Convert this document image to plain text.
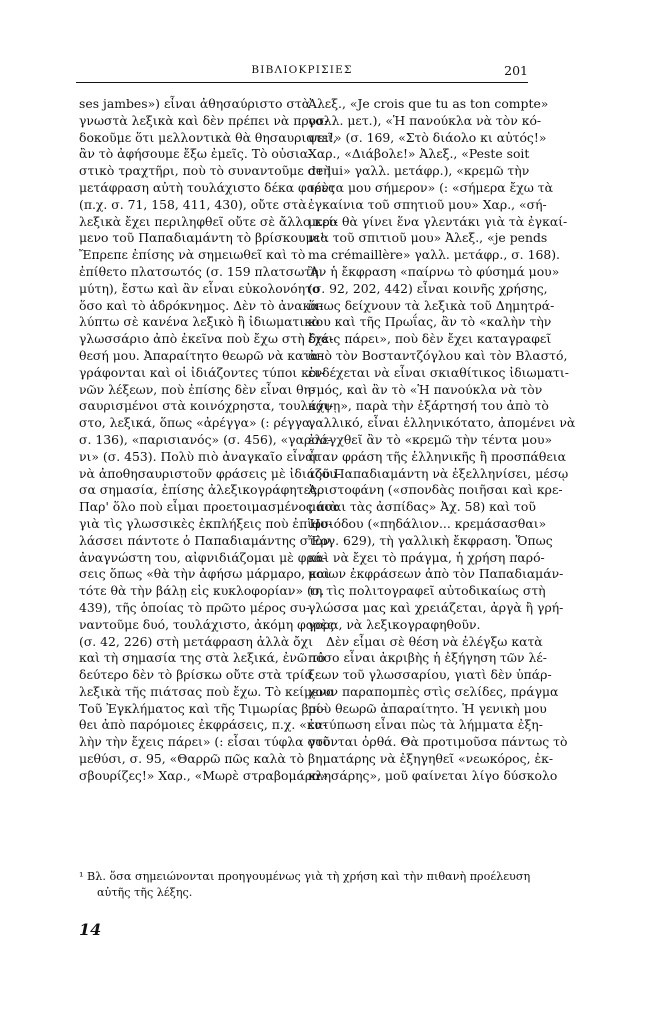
ΒΙΒΛΙΟΚΡΙΣΙΕΣ	201
ses jambes») εἶναι ἀθησαύριστο στὰ
γνωστὰ λεξικὰ καὶ δὲν πρέπει νὰ προσ-
δοκοῦμε ὅτι μελλοντικὰ θὰ θησαυριστεῖ,
ἂν τὸ ἀφήσουμε ἔξω ἐμεῖς. Τὸ οὐσια-
στικὸ τραχτῆρι, ποὺ τὸ συναντοῦμε στὴ
μετάφραση αὐτὴ τουλάχιστο δέκα φορὲς
(π.χ. σ. 71, 158, 411, 430), οὔτε στὰ
λεξικὰ ἔχει περιληφθεῖ οὔτε σὲ ἄλλο κεί-
μενο τοῦ Παπαδιαμάντη τὸ βρίσκουμε¹.
Ἔπρεπε ἐπίσης νὰ σημειωθεῖ καὶ τὸ
ἐπίθετο πλατσωτός (σ. 159 πλατσωτὴ
μύτη), ἔστω καὶ ἂν εἶναι εὐκολονόητο
ὅσο καὶ τὸ ἀδρόκνημος. Δὲν τὸ ἀνακα-
λύπτω σὲ κανένα λεξικὸ ἢ ἰδιωματικὸ
γλωσσάριο ἀπὸ ἐκεῖνα ποὺ ἔχω στὴ διά-
θεσή μου. Ἀπαραίτητο θεωρῶ νὰ κατα-
γράφονται καὶ οἱ ἰδιάζοντες τύποι κοι-
νῶν λέξεων, ποὺ ἐπίσης δὲν εἶναι θη-
σαυρισμένοι στὰ κοινόχρηστα, τουλάχι-
στο, λεξικά, ὅπως «ἀρέγγα» (: ρέγγα,
σ. 136), «παρισιανός» (σ. 456), «γαρσό-
νι» (σ. 453). Πολὺ πιὸ ἀναγκαῖο εἶναι
νὰ ἀποθησαυριστοῦν φράσεις μὲ ἰδιάζου-
σα σημασία, ἐπίσης ἀλεξικογράφητες.
Παρ' ὅλο ποὺ εἶμαι προετοιμασμένος πιὰ
γιὰ τὶς γλωσσικὲς ἐκπλήξεις ποὺ ἐπιφυ-
λάσσει πάντοτε ὁ Παπαδιαμάντης στὸν
ἀναγνώστη του, αἰφνιδιάζομαι μὲ φρά-
σεις ὅπως «θὰ τὴν ἀφήσω μάρμαρο, καὶ
τότε θὰ τὴν βάλῃ εἰς κυκλοφορίαν» (σ.
439), τῆς ὁποίας τὸ πρῶτο μέρος συ-
ναντοῦμε δυό, τουλάχιστο, ἀκόμη φορὲς
(σ. 42, 226) στὴ μετάφραση ἀλλὰ ὄχι
καὶ τὴ σημασία της στὰ λεξικά, ἐνῶ τὸ
δεύτερο δὲν τὸ βρίσκω οὔτε στὰ τρία
λεξικὰ τῆς πιάτσας ποὺ ἔχω. Τὸ κείμενο
Τοῦ Ἐγκλήματος καὶ τῆς Τιμωρίας βρί-
θει ἀπὸ παρόμοιες ἐκφράσεις, π.χ. «κα-
λὴν τὴν ἔχεις πάρει» (: εἶσαι τύφλα στὸ
μεθύσι, σ. 95, «Θαρρῶ πῶς καλὰ τὸ
σβουρίζες!» Χαρ., «Μωρὲ στραβομάρα»
Ἀλεξ., «Je crois que tu as ton compte»
γαλλ. μετ.), «Ἡ πανούκλα νὰ τὸν κό-
ψει!» (σ. 169, «Στὸ διάολο κι αὐτός!»
Χαρ., «Διάβολε!» Ἀλεξ., «Peste soit
de lui» γαλλ. μετάφρ.), «κρεμῶ τὴν
τέντα μου σήμερον» (: «σήμερα ἔχω τὰ
ἐγκαίνια τοῦ σπητιοῦ μου» Χαρ., «σή-
μερα θὰ γίνει ἕνα γλεντάκι γιὰ τὰ ἐγκαί-
νια τοῦ σπιτιοῦ μου» Ἀλεξ., «je pends
ma crémaillère» γαλλ. μετάφρ., σ. 168).
Ἂν ἡ ἔκφραση «παίρνω τὸ φύσημά μου»
(σ. 92, 202, 442) εἶναι κοινῆς χρήσης,
ὅπως δείχνουν τὰ λεξικὰ τοῦ Δημητρά-
κου καὶ τῆς Πρωΐας, ἂν τὸ «καλὴν τὴν
ἔχεις πάρει», ποὺ δὲν ἔχει καταγραφεῖ
ἀπὸ τὸν Βοσταντζόγλου καὶ τὸν Βλαστό,
ἐνδέχεται νὰ εἶναι σκιαθίτικος ἰδιωματι-
σμός, καὶ ἂν τὸ «Ἡ πανούκλα νὰ τὸν
κόψῃ», παρὰ τὴν ἐξάρτησή του ἀπὸ τὸ
γαλλικό, εἶναι ἑλληνικότατο, ἀπομένει νὰ
ἐλεγχθεῖ ἂν τὸ «κρεμῶ τὴν τέντα μου»
ἦταν φράση τῆς ἑλληνικῆς ἢ προσπάθεια
τοῦ Παπαδιαμάντη νὰ ἐξελληνίσει, μέσῳ
Ἀριστοφάνη («σπονδὰς ποιῆσαι καὶ κρε-
μάσαι τὰς ἀσπίδας» Ἀχ. 58) καὶ τοῦ
Ἡσιόδου («πηδάλιον... κρεμάσασθαι»
Ἔργ. 629), τὴ γαλλικὴ ἔκφραση. Ὅπως
καὶ νὰ ἔχει τὸ πράγμα, ἡ χρήση παρό-
μοιων ἐκφράσεων ἀπὸ τὸν Παπαδιαμάν-
τη τὶς πολιτογραφεῖ αὐτοδικαίως στὴ
γλώσσα μας καὶ χρειάζεται, ἀργὰ ἢ γρή-
γορα, νὰ λεξικογραφηθοῦν.
Δὲν εἶμαι σὲ θέση νὰ ἐλέγξω κατὰ
πόσο εἶναι ἀκριβὴς ἡ ἐξήγηση τῶν λέ-
ξεων τοῦ γλωσσαρίου, γιατὶ δὲν ὑπάρ-
χουν παραπομπὲς στὶς σελίδες, πράγμα
ποὺ θεωρῶ ἀπαραίτητο. Ἡ γενικὴ μου
ἐντύπωση εἶναι πὼς τὰ λήμματα ἐξη-
γοῦνται ὀρθά. Θὰ προτιμοῦσα πάντως τὸ
βηματάρης νὰ ἐξηγηθεῖ «νεωκόρος, ἐκ-
κλησάρης», μοῦ φαίνεται λίγο δύσκολο
¹ Βλ. ὅσα σημειώνονται προηγουμένως γιὰ τὴ χρήση καὶ τὴν πιθανὴ προέλευση
αὐτῆς τῆς λέξης.
14
